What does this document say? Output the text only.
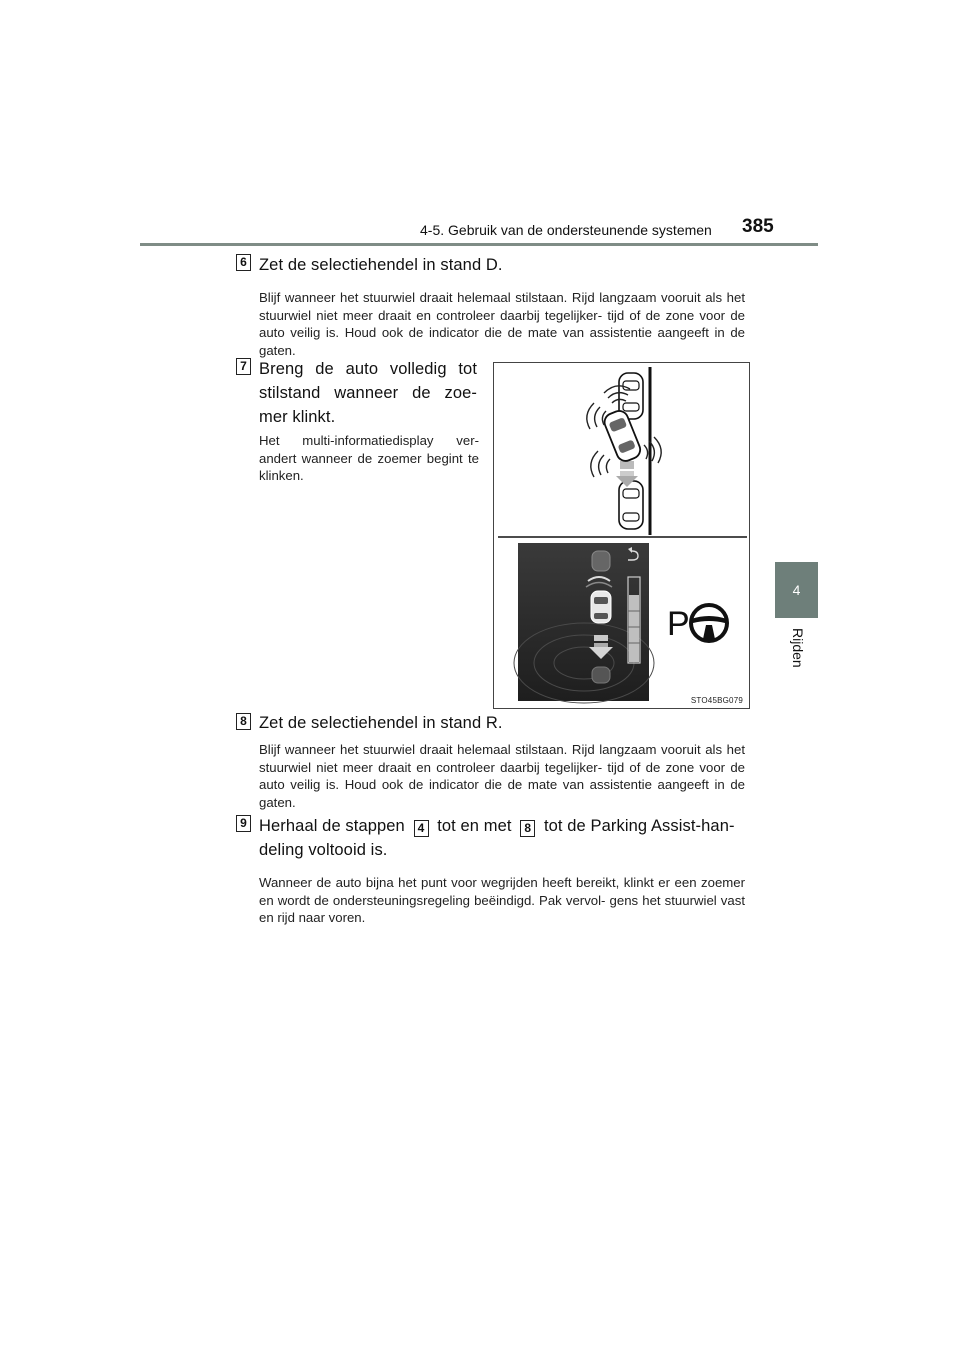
4-5. Gebruik van de ondersteunende systemen 385
4
Rijden
6 Zet de selectiehendel in stand D.
Blijf wanneer het stuurwiel draait helemaal stilstaan. Rijd langzaam vooruit als het stuurwiel niet meer draait en controleer daarbij tegelijker- tijd of de zone voor de auto veilig is. Houd ook de indicator die de mate van assistentie aangeeft in de gaten.
7 Breng de auto volledig tot stilstand wanneer de zoe- mer klinkt.
Het multi-informatiedisplay ver- andert wanneer de zoemer begint te klinken.
P
STO45BG079
8 Zet de selectiehendel in stand R.
Blijf wanneer het stuurwiel draait helemaal stilstaan. Rijd langzaam vooruit als het stuurwiel niet meer draait en controleer daarbij tegelijker- tijd of de zone voor de auto veilig is. Houd ook de indicator die de mate van assistentie aangeeft in de gaten.
9 Herhaal de stappen 4 tot en met 8 tot de Parking Assist-han-
deling voltooid is.
Wanneer de auto bijna het punt voor wegrijden heeft bereikt, klinkt er een zoemer en wordt de ondersteuningsregeling beëindigd. Pak vervol- gens het stuurwiel vast en rijd naar voren.
